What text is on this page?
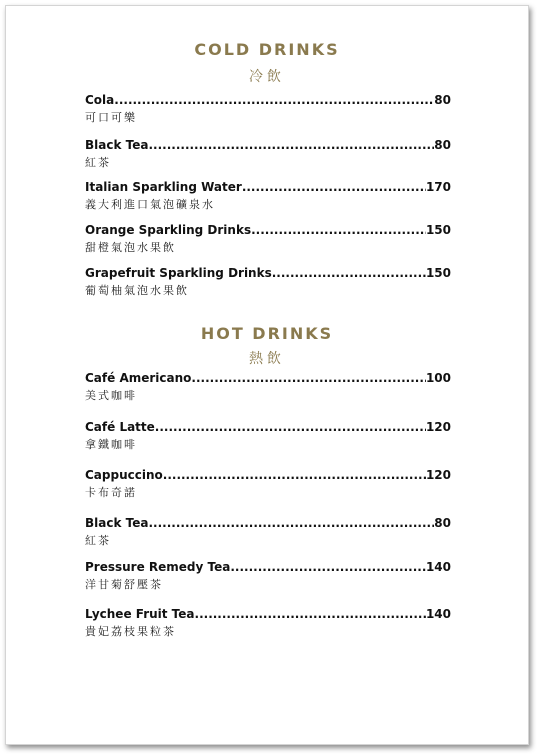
COLD DRINKS
冷飲
Cola .....	80
可口可樂
Black Tea .....	80
紅茶
Italian Sparkling Water .....	170
義大利進口氣泡礦泉水
Orange Sparkling Drinks .....	150
甜橙氣泡水果飲
Grapefruit Sparkling Drinks .....	150
葡萄柚氣泡水果飲
HOT DRINKS
熱飲
Café Americano .....	100
美式咖啡
Café Latte .....	120
拿鐵咖啡
Cappuccino .....	120
卡布奇諾
Black Tea .....	80
紅茶
Pressure Remedy Tea .....	140
洋甘菊舒壓茶
Lychee Fruit Tea .....	140
貴妃荔枝果粒茶
